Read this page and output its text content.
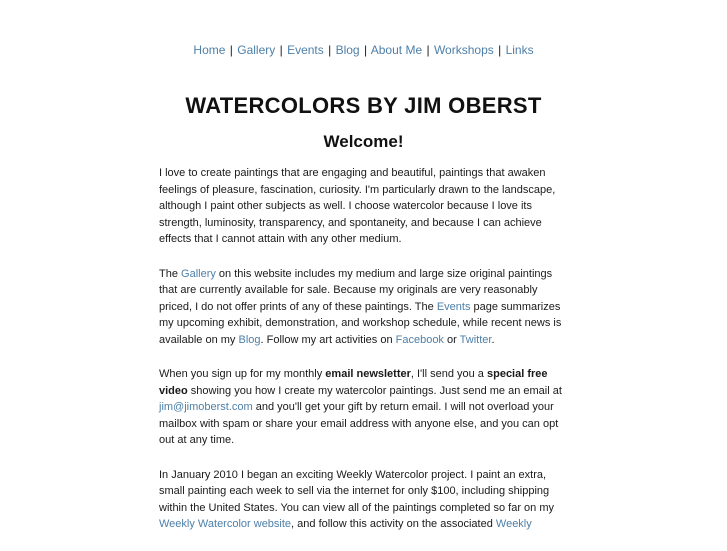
Home | Gallery | Events | Blog | About Me | Workshops | Links
WATERCOLORS BY JIM OBERST
Welcome!

I love to create paintings that are engaging and beautiful, paintings that awaken feelings of pleasure, fascination, curiosity. I'm particularly drawn to the landscape, although I paint other subjects as well. I choose watercolor because I love its strength, luminosity, transparency, and spontaneity, and because I can achieve effects that I cannot attain with any other medium.

The Gallery on this website includes my medium and large size original paintings that are currently available for sale. Because my originals are very reasonably priced, I do not offer prints of any of these paintings. The Events page summarizes my upcoming exhibit, demonstration, and workshop schedule, while recent news is available on my Blog. Follow my art activities on Facebook or Twitter.

When you sign up for my monthly email newsletter, I'll send you a special free video showing you how I create my watercolor paintings. Just send me an email at jim@jimoberst.com and you'll get your gift by return email. I will not overload your mailbox with spam or share your email address with anyone else, and you can opt out at any time.

In January 2010 I began an exciting Weekly Watercolor project. I paint an extra, small painting each week to sell via the internet for only $100, including shipping within the United States. You can view all of the paintings completed so far on my Weekly Watercolor website, and follow this activity on the associated Weekly
